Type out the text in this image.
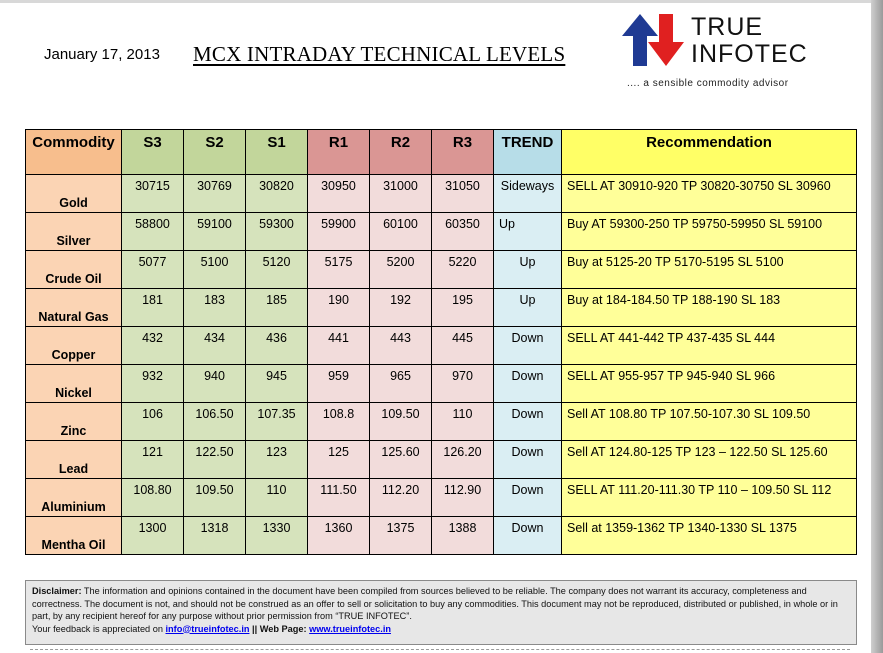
January 17, 2013 MCX INTRADAY TECHNICAL LEVELS
TRUE
INFOTEC
.... a sensible commodity advisor
Commodity	S3	S2	S1	R1	R2	R3	TREND	Recommendation
Gold	30715	30769	30820	30950	31000	31050	Sideways	SELL AT 30910-920 TP 30820-30750 SL 30960
Silver	58800	59100	59300	59900	60100	60350	Up	Buy AT 59300-250 TP 59750-59950 SL 59100
Crude Oil	5077	5100	5120	5175	5200	5220	Up	Buy at 5125-20 TP 5170-5195 SL 5100
Natural Gas	181	183	185	190	192	195	Up	Buy at 184-184.50 TP 188-190 SL 183
Copper	432	434	436	441	443	445	Down	SELL AT 441-442 TP 437-435 SL 444
Nickel	932	940	945	959	965	970	Down	SELL AT 955-957 TP 945-940 SL 966
Zinc	106	106.50	107.35	108.8	109.50	110	Down	Sell AT 108.80 TP 107.50-107.30 SL 109.50
Lead	121	122.50	123	125	125.60	126.20	Down	Sell AT 124.80-125 TP 123 – 122.50 SL 125.60
Aluminium	108.80	109.50	110	111.50	112.20	112.90	Down	SELL AT 111.20-111.30 TP 110 – 109.50 SL 112
Mentha Oil	1300	1318	1330	1360	1375	1388	Down	Sell at 1359-1362 TP 1340-1330 SL 1375
Disclaimer: The information and opinions contained in the document have been compiled from sources believed to be reliable. The company does not warrant its accuracy, completeness and correctness. The document is not, and should not be construed as an offer to sell or solicitation to buy any commodities. This document may not be reproduced, distributed or published, in whole or in part, by any recipient hereof for any purpose without prior permission from “TRUE INFOTEC”.
Your feedback is appreciated on info@trueinfotec.in || Web Page: www.trueinfotec.in
